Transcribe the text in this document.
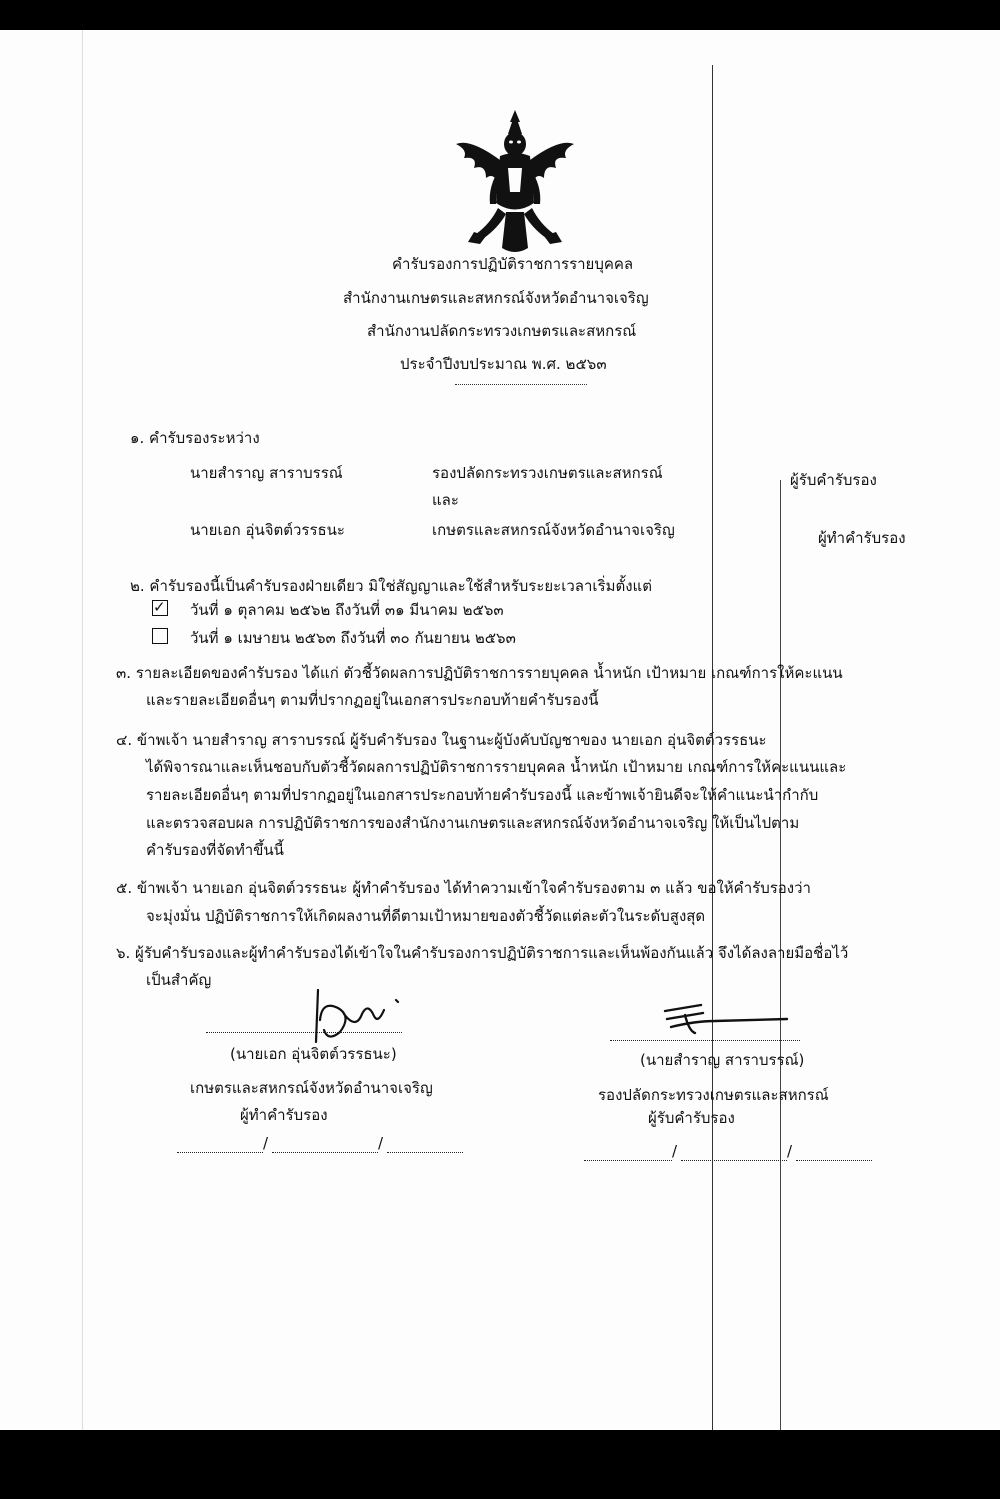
คำรับรองการปฏิบัติราชการรายบุคคล
สำนักงานเกษตรและสหกรณ์จังหวัดอำนาจเจริญ
สำนักงานปลัดกระทรวงเกษตรและสหกรณ์
ประจำปีงบประมาณ พ.ศ. ๒๕๖๓
๑. คำรับรองระหว่าง
นายสำราญ สาราบรรณ์	รองปลัดกระทรวงเกษตรและสหกรณ์	ผู้รับคำรับรอง
และ
นายเอก อุ่นจิตต์วรรธนะ	เกษตรและสหกรณ์จังหวัดอำนาจเจริญ	ผู้ทำคำรับรอง
๒. คำรับรองนี้เป็นคำรับรองฝ่ายเดียว มิใช่สัญญาและใช้สำหรับระยะเวลาเริ่มตั้งแต่
✓ วันที่ ๑ ตุลาคม ๒๕๖๒ ถึงวันที่ ๓๑ มีนาคม ๒๕๖๓
วันที่ ๑ เมษายน ๒๕๖๓ ถึงวันที่ ๓๐ กันยายน ๒๕๖๓
๓. รายละเอียดของคำรับรอง ได้แก่ ตัวชี้วัดผลการปฏิบัติราชการรายบุคคล น้ำหนัก เป้าหมาย เกณฑ์การให้คะแนน
และรายละเอียดอื่นๆ ตามที่ปรากฏอยู่ในเอกสารประกอบท้ายคำรับรองนี้
๔. ข้าพเจ้า นายสำราญ สาราบรรณ์ ผู้รับคำรับรอง ในฐานะผู้บังคับบัญชาของ นายเอก อุ่นจิตต์วรรธนะ
ได้พิจารณาและเห็นชอบกับตัวชี้วัดผลการปฏิบัติราชการรายบุคคล น้ำหนัก เป้าหมาย เกณฑ์การให้คะแนนและ
รายละเอียดอื่นๆ ตามที่ปรากฏอยู่ในเอกสารประกอบท้ายคำรับรองนี้ และข้าพเจ้ายินดีจะให้คำแนะนำกำกับ
และตรวจสอบผล การปฏิบัติราชการของสำนักงานเกษตรและสหกรณ์จังหวัดอำนาจเจริญ ให้เป็นไปตาม
คำรับรองที่จัดทำขึ้นนี้
๕. ข้าพเจ้า นายเอก อุ่นจิตต์วรรธนะ ผู้ทำคำรับรอง ได้ทำความเข้าใจคำรับรองตาม ๓ แล้ว ขอให้คำรับรองว่า
จะมุ่งมั่น ปฏิบัติราชการให้เกิดผลงานที่ดีตามเป้าหมายของตัวชี้วัดแต่ละตัวในระดับสูงสุด
๖. ผู้รับคำรับรองและผู้ทำคำรับรองได้เข้าใจในคำรับรองการปฏิบัติราชการและเห็นพ้องกันแล้ว จึงได้ลงลายมือชื่อไว้
เป็นสำคัญ
(นายเอก อุ่นจิตต์วรรธนะ)
เกษตรและสหกรณ์จังหวัดอำนาจเจริญ
ผู้ทำคำรับรอง
/	/
(นายสำราญ สาราบรรณ์)
รองปลัดกระทรวงเกษตรและสหกรณ์
ผู้รับคำรับรอง
/	/
